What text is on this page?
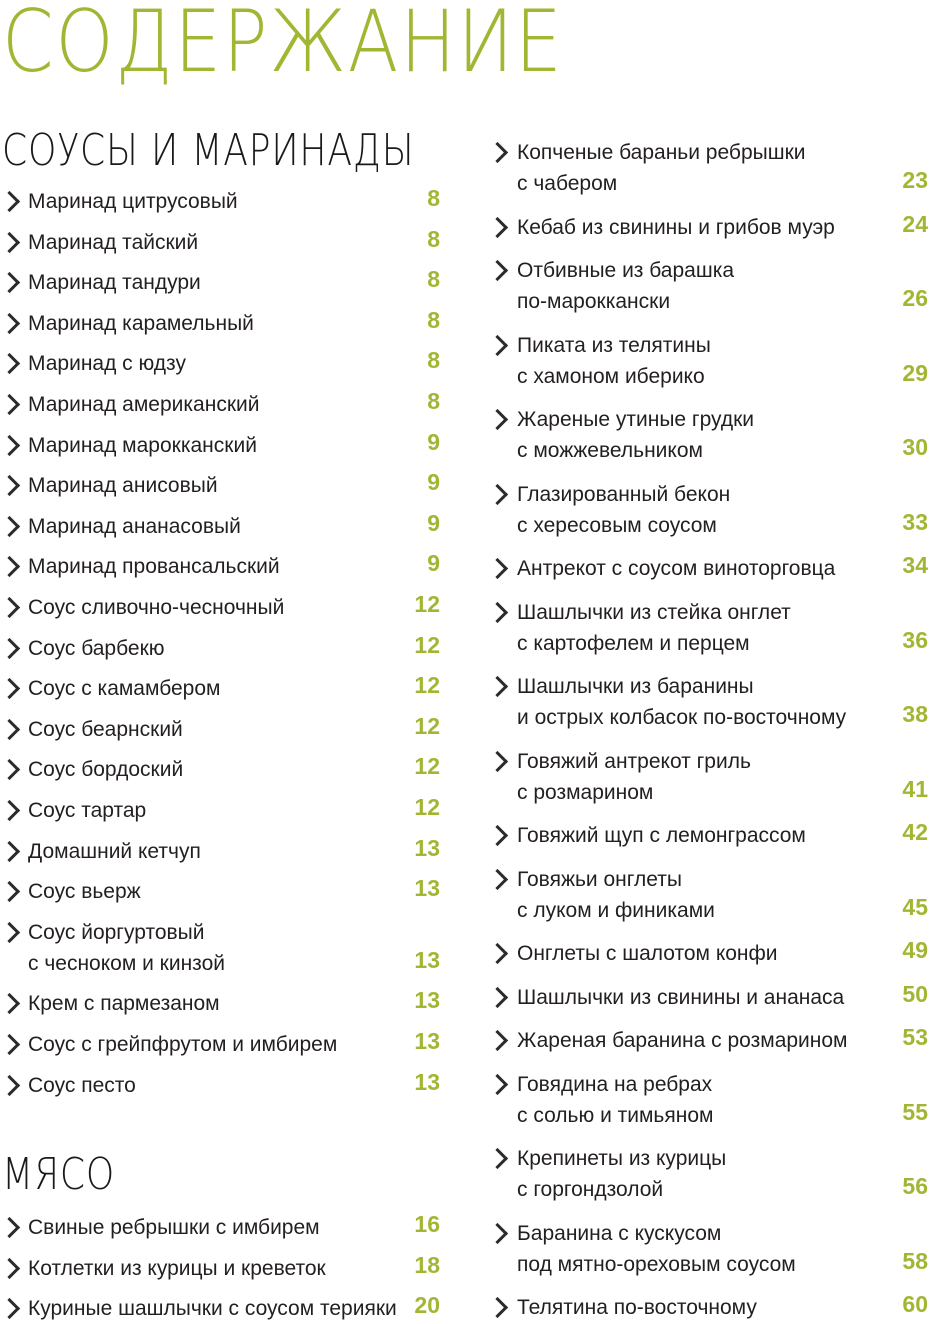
СОДЕРЖАНИЕ
СОУСЫ И МАРИНАДЫ
МЯСО
Маринад цитрусовый	8
Маринад тайский	8
Маринад тандури	8
Маринад карамельный	8
Маринад с юдзу	8
Маринад американский	8
Маринад марокканский	9
Маринад анисовый	9
Маринад ананасовый	9
Маринад провансальский	9
Соус сливочно-чесночный	12
Соус барбекю	12
Соус с камамбером	12
Соус беарнский	12
Соус бордоский	12
Соус тартар	12
Домашний кетчуп	13
Соус вьерж	13
Соус йоргуртовый
с чесноком и кинзой	13
Крем с пармезаном	13
Соус с грейпфрутом и имбирем	13
Соус песто	13
Свиные ребрышки с имбирем	16
Котлетки из курицы и креветок	18
Куриные шашлычки с соусом терияки 20
Копченые бараньи ребрышки
с чабером	23
Кебаб из свинины и грибов муэр	24
Отбивные из барашка
по-мароккански	26
Пиката из телятины
с хамоном иберико	29
Жареные утиные грудки
с можжевельником	30
Глазированный бекон
с хересовым соусом	33
Антрекот с соусом виноторговца	34
Шашлычки из стейка онглет
с картофелем и перцем	36
Шашлычки из баранины
и острых колбасок по-восточному 38
Говяжий антрекот гриль
с розмарином	41
Говяжий щуп с лемонграссом	42
Говяжьи онглеты
с луком и финиками	45
Онглеты с шалотом конфи	49
Шашлычки из свинины и ананаса	50
Жареная баранина с розмарином 53
Говядина на ребрах
с солью и тимьяном	55
Крепинеты из курицы
с горгондзолой	56
Баранина с кускусом
под мятно-ореховым соусом	58
Телятина по-восточному	60
